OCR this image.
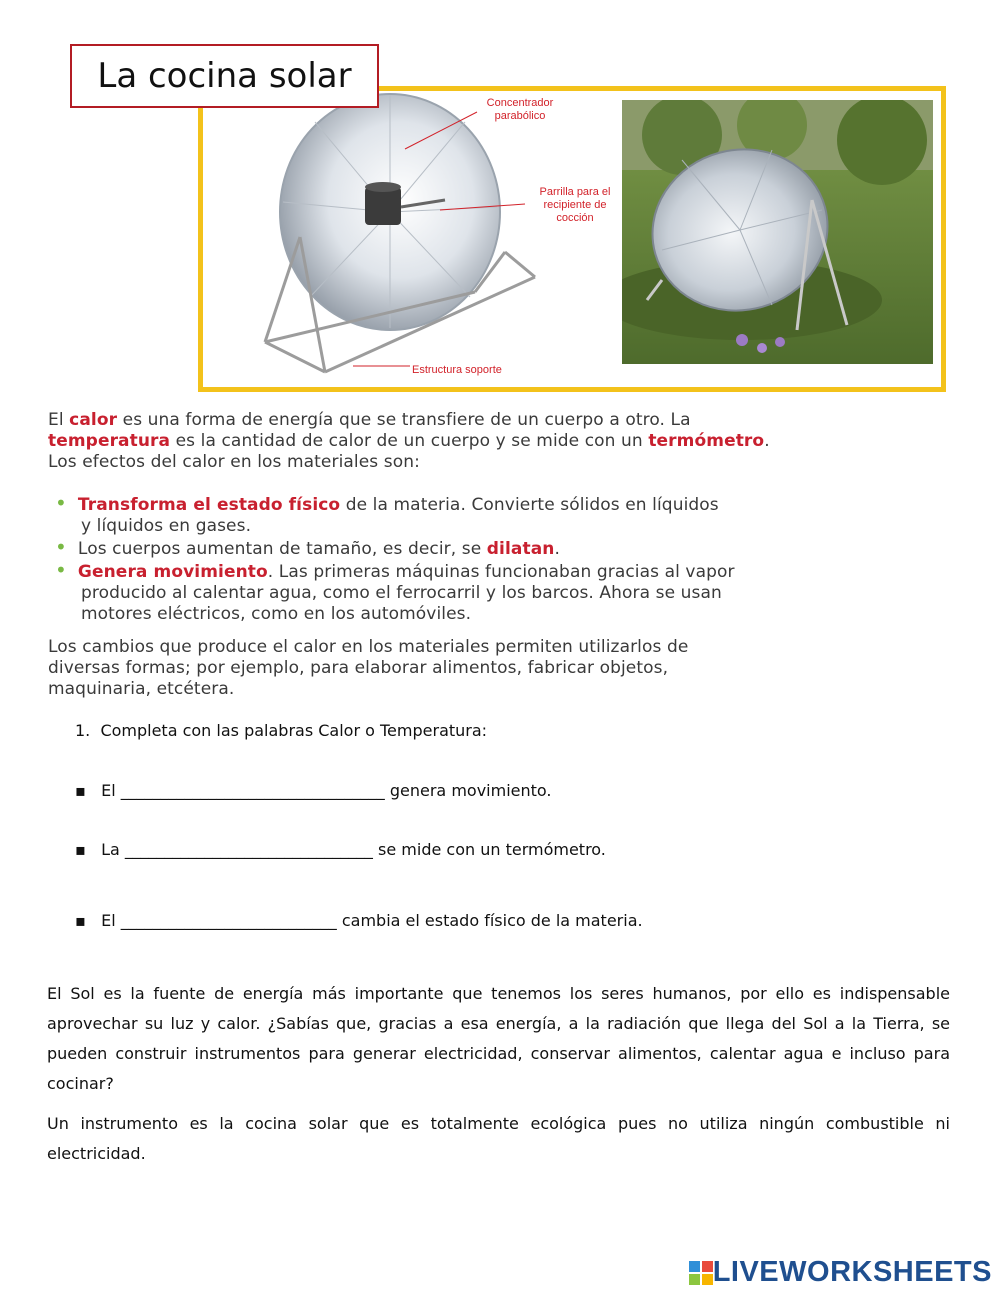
La cocina solar
Concentrador parabólico
Parrilla para el recipiente de cocción
Estructura soporte
El calor es una forma de energía que se transfiere de un cuerpo a otro. La
temperatura es la cantidad de calor de un cuerpo y se mide con un termómetro.
Los efectos del calor en los materiales son:
• Transforma el estado físico de la materia. Convierte sólidos en líquidos
y líquidos en gases.
• Los cuerpos aumentan de tamaño, es decir, se dilatan.
• Genera movimiento. Las primeras máquinas funcionaban gracias al vapor
producido al calentar agua, como el ferrocarril y los barcos. Ahora se usan
motores eléctricos, como en los automóviles.
Los cambios que produce el calor en los materiales permiten utilizarlos de
diversas formas; por ejemplo, para elaborar alimentos, fabricar objetos,
maquinaria, etcétera.
1. Completa con las palabras Calor o Temperatura:
▪ El _________________________________ genera movimiento.
▪ La _______________________________ se mide con un termómetro.
▪ El ___________________________ cambia el estado físico de la materia.
El Sol es la fuente de energía más importante que tenemos los seres humanos, por ello es indispensable aprovechar su luz y calor. ¿Sabías que, gracias a esa energía, a la radiación que llega del Sol a la Tierra, se pueden construir instrumentos para generar electricidad, conservar alimentos, calentar agua e incluso para cocinar?
Un instrumento es la cocina solar que es totalmente ecológica pues no utiliza ningún combustible ni electricidad.
LIVEWORKSHEETS
